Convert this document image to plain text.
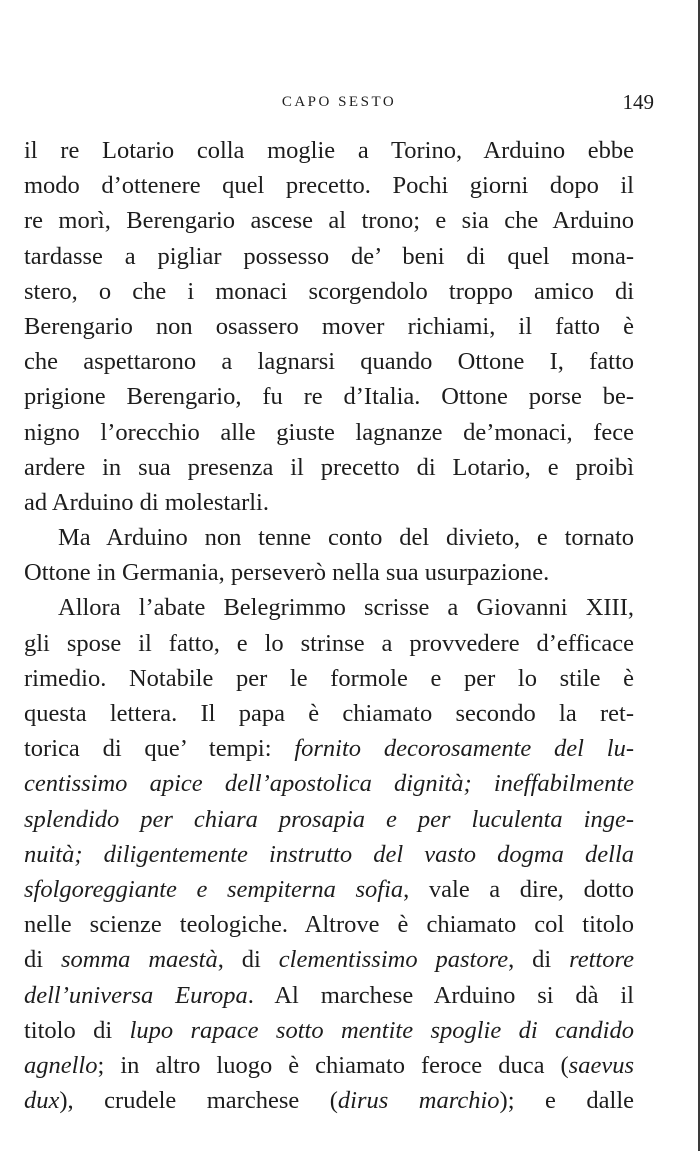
CAPO SESTO	149
il re Lotario colla moglie a Torino, Arduino ebbe
modo d’ottenere quel precetto. Pochi giorni dopo il
re morì, Berengario ascese al trono; e sia che Arduino
tardasse a pigliar possesso de’ beni di quel mona-
stero, o che i monaci scorgendolo troppo amico di
Berengario non osassero mover richiami, il fatto è
che aspettarono a lagnarsi quando Ottone I, fatto
prigione Berengario, fu re d’Italia. Ottone porse be-
nigno l’orecchio alle giuste lagnanze de’monaci, fece
ardere in sua presenza il precetto di Lotario, e proibì
ad Arduino di molestarli.
Ma Arduino non tenne conto del divieto, e tornato
Ottone in Germania, perseverò nella sua usurpazione.
Allora l’abate Belegrimmo scrisse a Giovanni XIII,
gli spose il fatto, e lo strinse a provvedere d’efficace
rimedio. Notabile per le formole e per lo stile è
questa lettera. Il papa è chiamato secondo la ret-
torica di que’ tempi: fornito decorosamente del lu-
centissimo apice dell’apostolica dignità; ineffabilmente
splendido per chiara prosapia e per luculenta inge-
nuità; diligentemente instrutto del vasto dogma della
sfolgoreggiante e sempiterna sofia, vale a dire, dotto
nelle scienze teologiche. Altrove è chiamato col titolo
di somma maestà, di clementissimo pastore, di rettore
dell’universa Europa. Al marchese Arduino si dà il
titolo di lupo rapace sotto mentite spoglie di candido
agnello; in altro luogo è chiamato feroce duca (saevus
dux), crudele marchese (dirus marchio); e dalle
